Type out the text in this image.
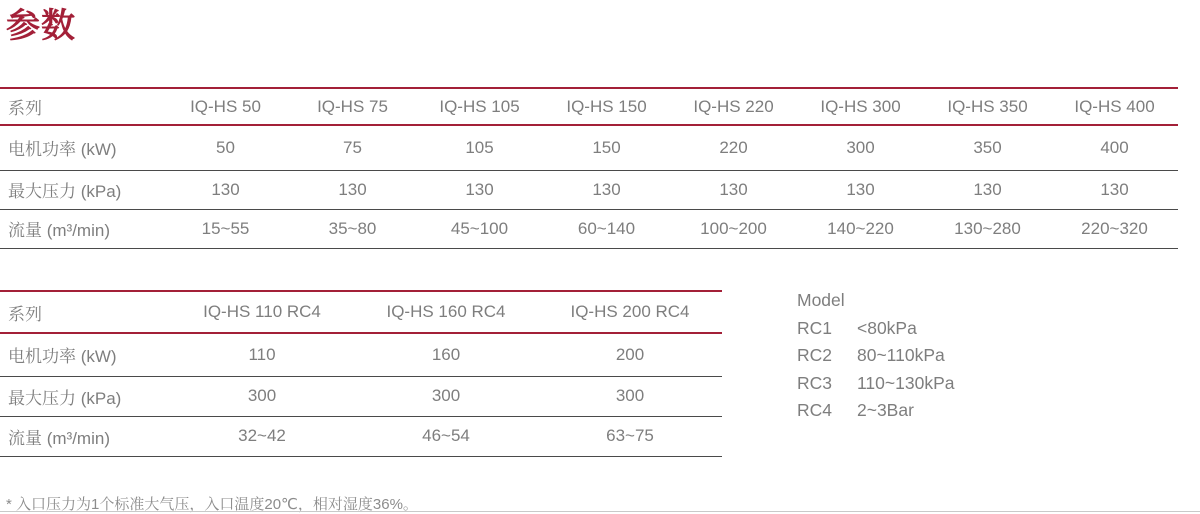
参数
系列	IQ-HS 50	IQ-HS 75	IQ-HS 105	IQ-HS 150	IQ-HS 220	IQ-HS 300	IQ-HS 350	IQ-HS 400
电机功率 (kW)	50	75	105	150	220	300	350	400
最大压力 (kPa)	130	130	130	130	130	130	130	130
流量 (m³/min)	15~55	35~80	45~100	60~140	100~200	140~220	130~280	220~320
系列	IQ-HS 110 RC4	IQ-HS 160 RC4	IQ-HS 200 RC4
电机功率 (kW)	110	160	200
最大压力 (kPa)	300	300	300
流量 (m³/min)	32~42	46~54	63~75
Model
RC1 <80kPa
RC2 80~110kPa
RC3 110~130kPa
RC4 2~3Bar
* 入口压力为1个标准大气压，入口温度20℃，相对湿度36%。
